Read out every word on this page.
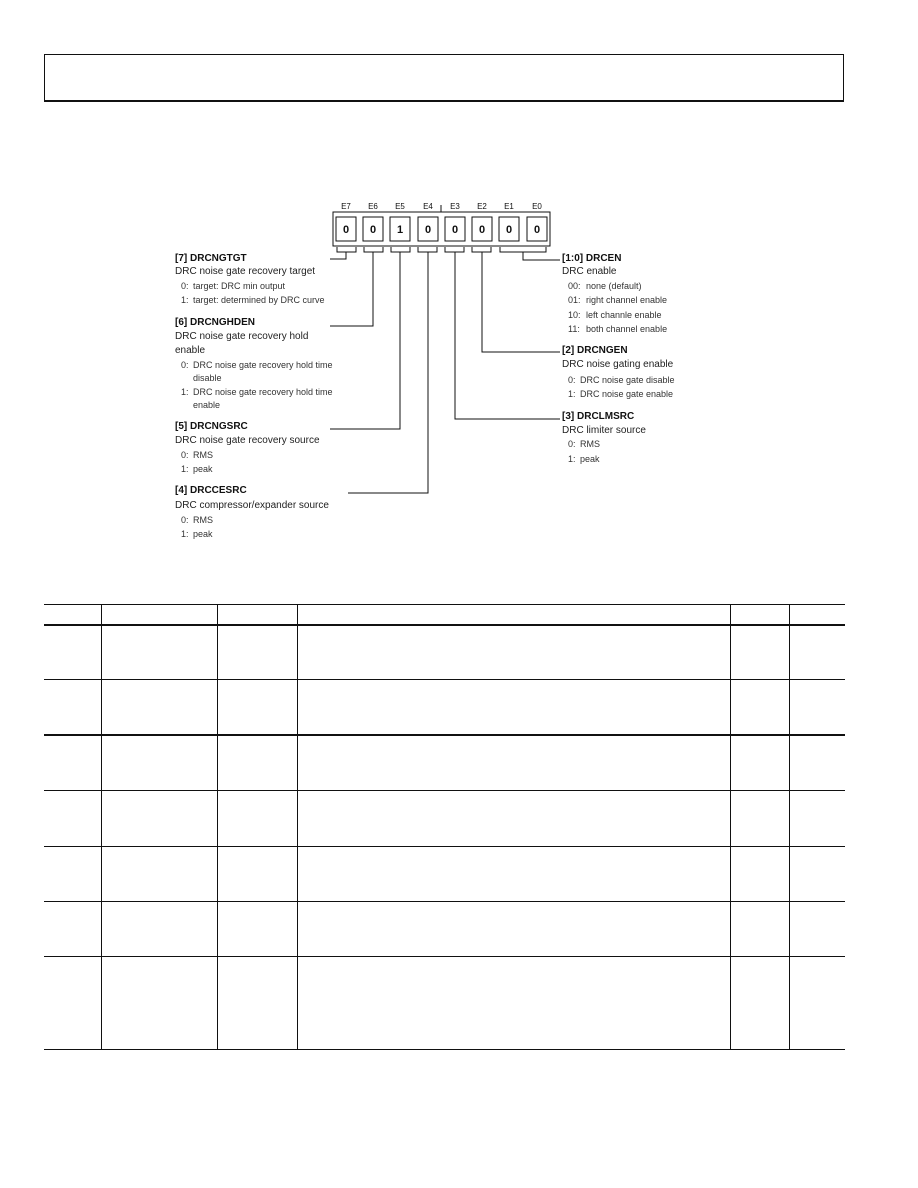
E7 E6 E5 E4 E3 E2 E1 E0
0 0 1 0 0 0 0 0
[7] DRCNGTGT
DRC noise gate recovery target
0: target: DRC min output
1: target: determined by DRC curve
[6] DRCNGHDEN
DRC noise gate recovery hold
enable
0: DRC noise gate recovery hold time
disable
1: DRC noise gate recovery hold time
enable
[5] DRCNGSRC
DRC noise gate recovery source
0: RMS
1: peak
[4] DRCCESRC
DRC compressor/expander source
0: RMS
1: peak
[1:0] DRCEN
DRC enable
00: none (default)
01: right channel enable
10: left channle enable
11: both channel enable
[2] DRCNGEN
DRC noise gating enable
0: DRC noise gate disable
1: DRC noise gate enable
[3] DRCLMSRC
DRC limiter source
0: RMS
1: peak
